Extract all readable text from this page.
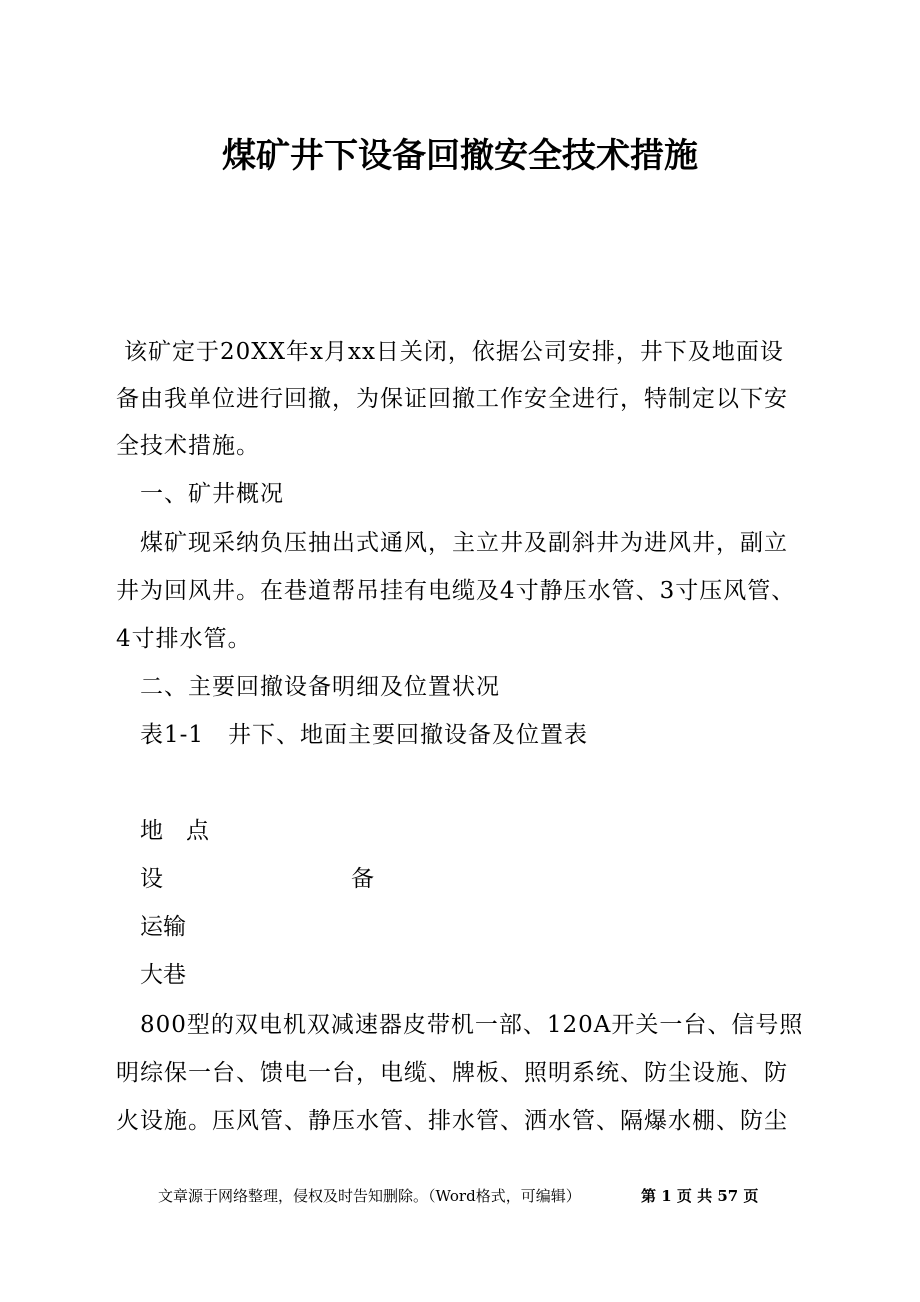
煤矿井下设备回撤安全技术措施
该矿定于20XX年x月xx日关闭，依据公司安排，井下及地面设
备由我单位进行回撤，为保证回撤工作安全进行，特制定以下安
全技术措施。
一、矿井概况
煤矿现采纳负压抽出式通风，主立井及副斜井为进风井，副立
井为回风井。在巷道帮吊挂有电缆及4寸静压水管、3寸压风管、
4寸排水管。
二、主要回撤设备明细及位置状况
表1-1　井下、地面主要回撤设备及位置表
地　点
设	备
运输
大巷
800型的双电机双减速器皮带机一部、120A开关一台、信号照
明综保一台、馈电一台，电缆、牌板、照明系统、防尘设施、防
火设施。压风管、静压水管、排水管、洒水管、隔爆水棚、防尘
文章源于网络整理，侵权及时告知删除。（Word格式，可编辑）	第 1 页 共 57 页
